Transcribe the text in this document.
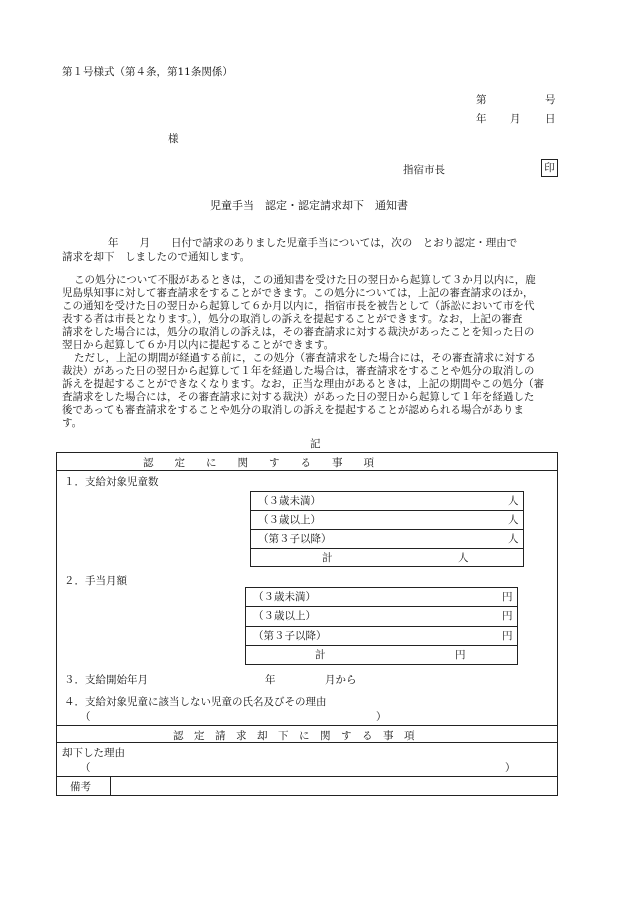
第１号様式（第４条，第11条関係）
第	号
年 月 日
様
指宿市長	印
児童手当　認定・認定請求却下　通知書
年　　月　　日付で請求のありました児童手当については，次の　とおり認定・理由で
請求を却下　しましたので通知します。
この処分について不服があるときは，この通知書を受けた日の翌日から起算して３か月以内に，鹿
児島県知事に対して審査請求をすることができます。この処分については，上記の審査請求のほか，
この通知を受けた日の翌日から起算して６か月以内に，指宿市長を被告として（訴訟において市を代
表する者は市長となります。），処分の取消しの訴えを提起することができます。なお，上記の審査
請求をした場合には，処分の取消しの訴えは，その審査請求に対する裁決があったことを知った日の
翌日から起算して６か月以内に提起することができます。
ただし，上記の期間が経過する前に，この処分（審査請求をした場合には，その審査請求に対する
裁決）があった日の翌日から起算して１年を経過した場合は，審査請求をすることや処分の取消しの
訴えを提起することができなくなります。なお，正当な理由があるときは，上記の期間やこの処分（審
査請求をした場合には，その審査請求に対する裁決）があった日の翌日から起算して１年を経過した
後であっても審査請求をすることや処分の取消しの訴えを提起することが認められる場合がありま
す。
記
認　　定　　に　　関　　す　　る　　事　　項
認　定　請　求　却　下　に　関　す　る　事　項
１．支給対象児童数
（３歳未満）	人
（３歳以上）	人
（第３子以降）	人
計	人
２．手当月額
（３歳未満）	円
（３歳以上）	円
（第３子以降）	円
計	円
３．支給開始年月	年	月から
４．支給対象児童に該当しない児童の氏名及びその理由
（	）
却下した理由
（	）
備考
